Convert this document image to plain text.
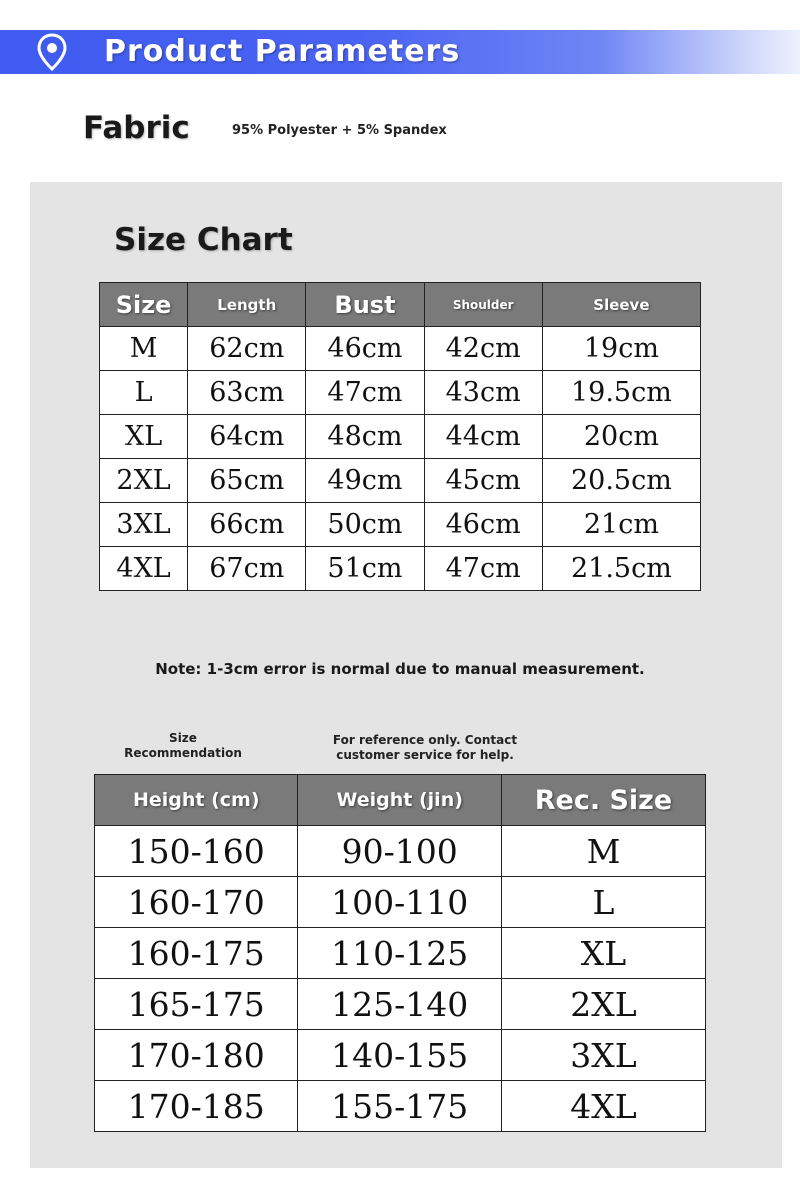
Product Parameters
Fabric	95% Polyester + 5% Spandex
Size Chart
Size	Length	Bust	Shoulder	Sleeve
M	62cm	46cm	42cm	19cm
L	63cm	47cm	43cm	19.5cm
XL	64cm	48cm	44cm	20cm
2XL	65cm	49cm	45cm	20.5cm
3XL	66cm	50cm	46cm	21cm
4XL	67cm	51cm	47cm	21.5cm
Note: 1-3cm error is normal due to manual measurement.
Size
Recommendation
For reference only. Contact
customer service for help.
Height (cm)	Weight (jin)	Rec. Size
150-160	90-100	M
160-170	100-110	L
160-175	110-125	XL
165-175	125-140	2XL
170-180	140-155	3XL
170-185	155-175	4XL
